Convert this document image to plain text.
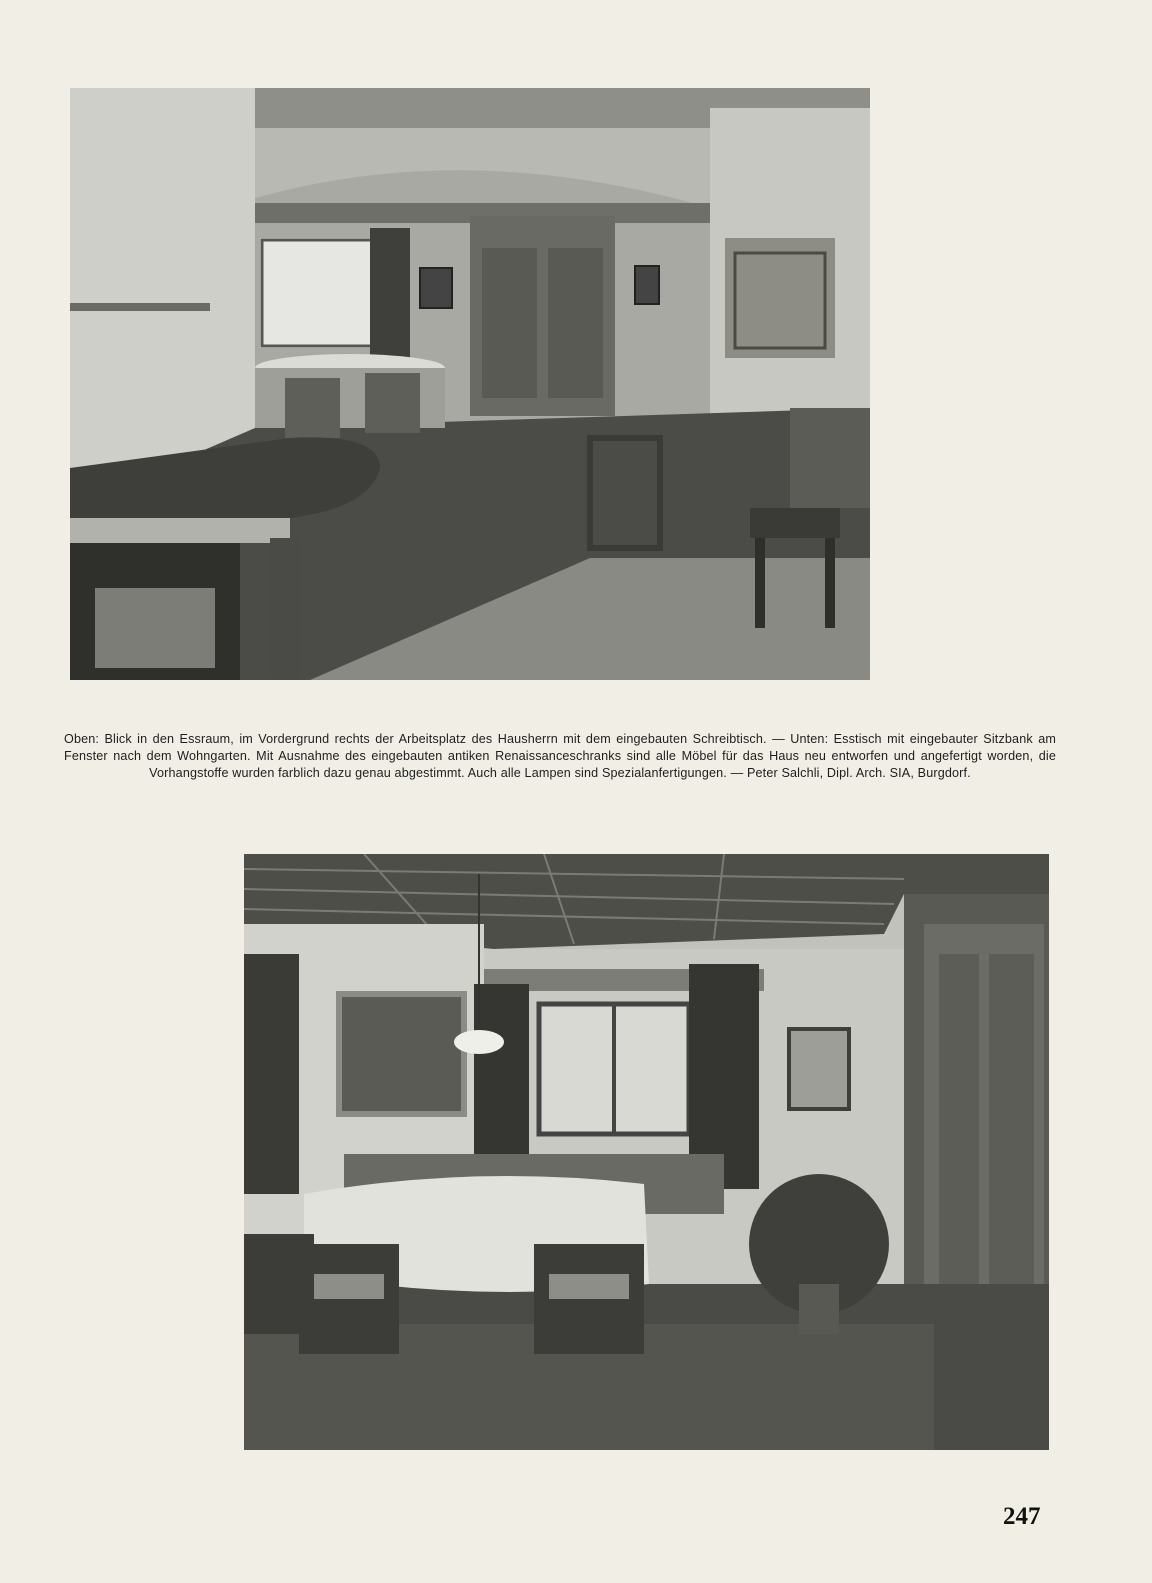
Oben: Blick in den Essraum, im Vordergrund rechts der Arbeitsplatz des Hausherrn mit dem eingebauten Schreibtisch. — Unten: Esstisch mit eingebauter Sitzbank am Fenster nach dem Wohngarten. Mit Ausnahme des eingebauten antiken Renaissanceschranks sind alle Möbel für das Haus neu entworfen und angefertigt worden, die Vorhangstoffe wurden farblich dazu genau abgestimmt. Auch alle Lampen sind Spezialanfertigungen. — Peter Salchli, Dipl. Arch. SIA, Burgdorf.
247
